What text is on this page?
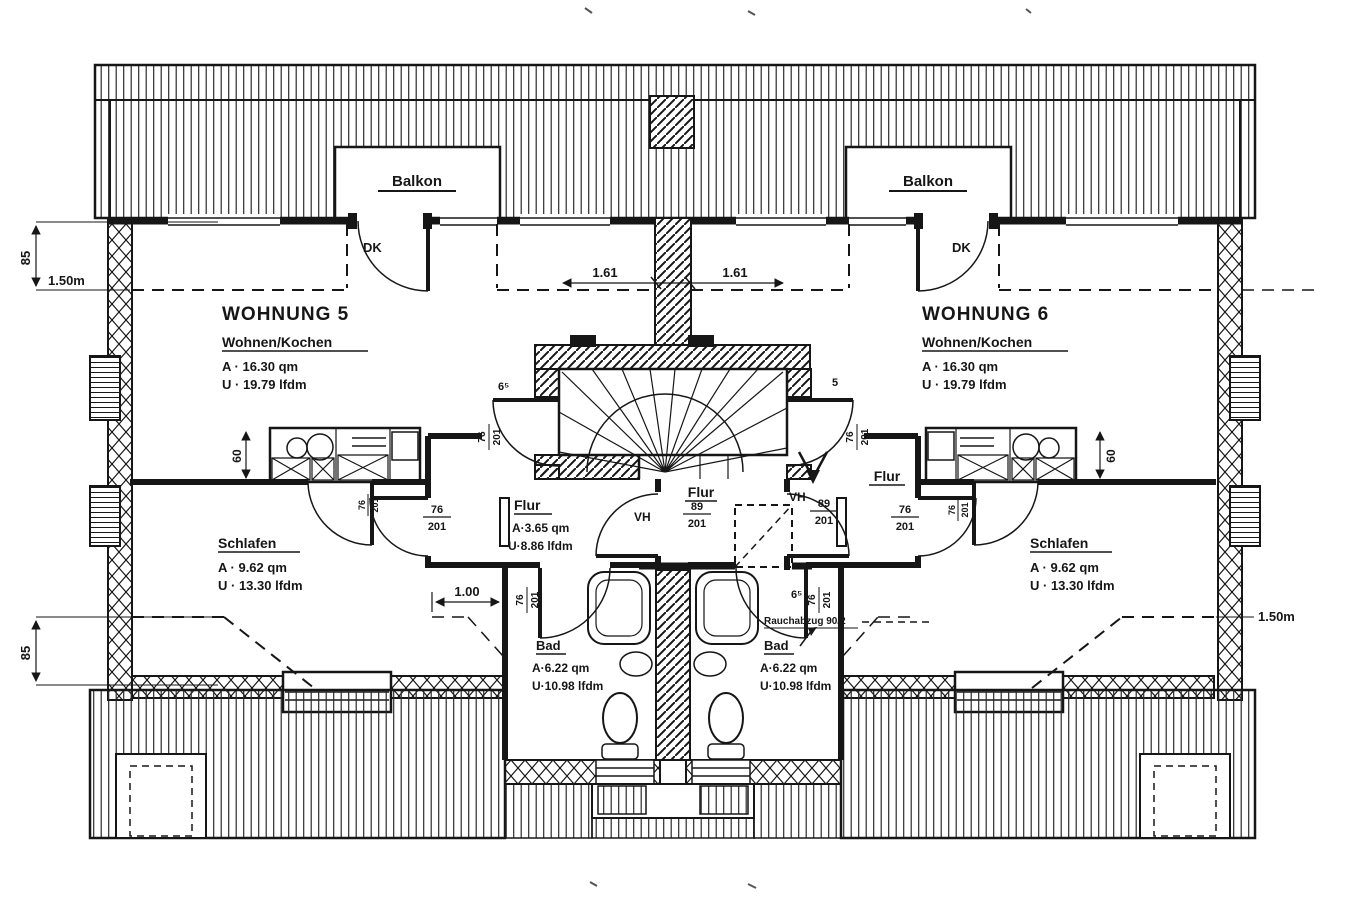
Balkon	Balkon
DK	DK
85
1.50m
85
1.50m
1.61	1.61
60	60
1.00
76
201
76
201
89
201
89
201
76 201	76 201
76 201	76 201
76 201	76 201
6⁵	5
6⁵
WOHNUNG 5
Wohnen/Kochen
A · 16.30 qm
U · 19.79 lfdm
WOHNUNG 6
Wohnen/Kochen
A · 16.30 qm
U · 19.79 lfdm
Schlafen
A · 9.62 qm
U · 13.30 lfdm
Schlafen
A · 9.62 qm
U · 13.30 lfdm
Flur
A·3.65 qm
U·8.86 lfdm
Flur
Flur
VH
VH
Bad
A·6.22 qm
U·10.98 lfdm
Bad
A·6.22 qm
U·10.98 lfdm
Rauchabzug 90/2
